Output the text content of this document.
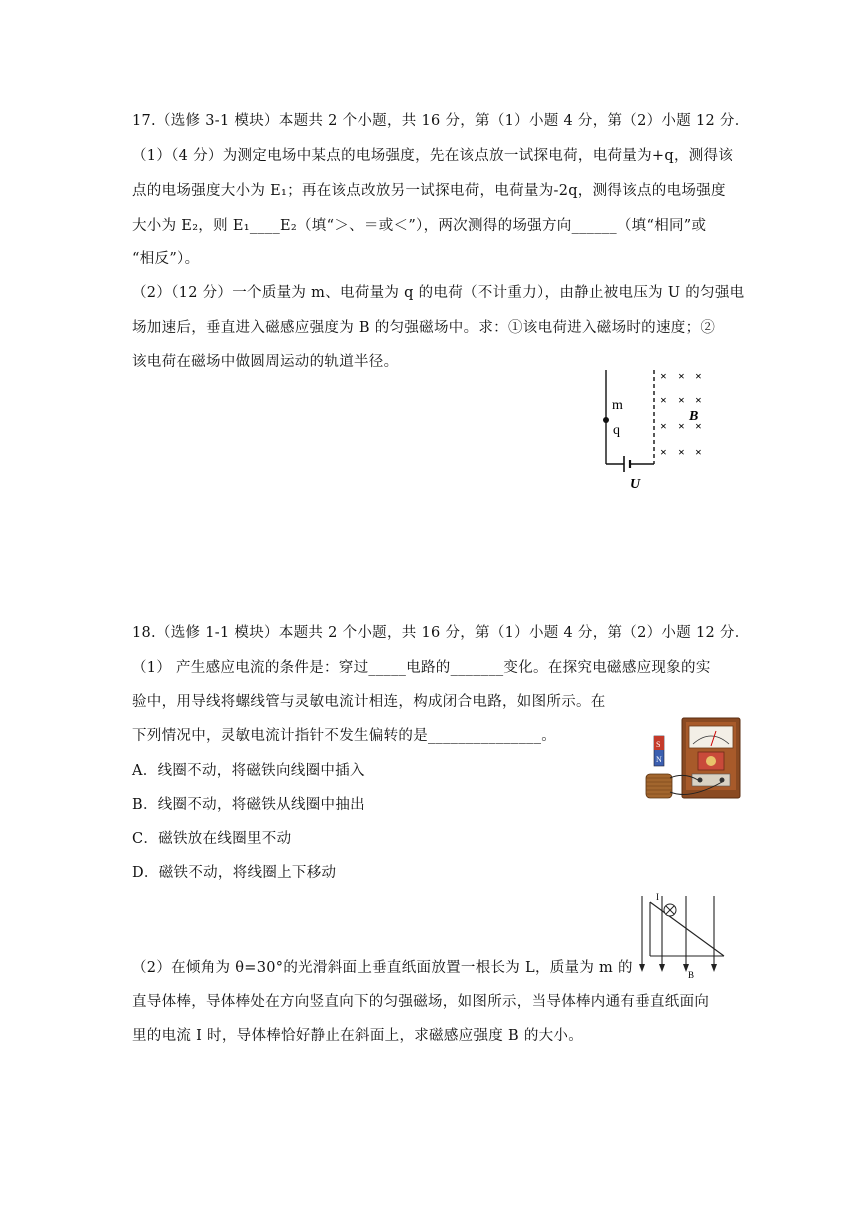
17.（选修 3-1 模块）本题共 2 个小题，共 16 分，第（1）小题 4 分，第（2）小题 12 分．
（1）（4 分）为测定电场中某点的电场强度，先在该点放一试探电荷，电荷量为+q，测得该
点的电场强度大小为 E₁；再在该点改放另一试探电荷，电荷量为-2q，测得该点的电场强度
大小为 E₂，则 E₁____E₂（填“＞、＝或＜”），两次测得的场强方向______（填“相同”或
“相反”）。
（2）（12 分）一个质量为 m、电荷量为 q 的电荷（不计重力），由静止被电压为 U 的匀强电
场加速后，垂直进入磁感应强度为 B 的匀强磁场中。求：①该电荷进入磁场时的速度；②
该电荷在磁场中做圆周运动的轨道半径。
m
q
B
U
× × ×
× × ×
× × ×
× × ×
18.（选修 1-1 模块）本题共 2 个小题，共 16 分，第（1）小题 4 分，第（2）小题 12 分．
（1） 产生感应电流的条件是：穿过_____电路的_______变化。在探究电磁感应现象的实
验中，用导线将螺线管与灵敏电流计相连，构成闭合电路，如图所示。在
下列情况中，灵敏电流计指针不发生偏转的是_______________。
A．线圈不动，将磁铁向线圈中插入
B．线圈不动，将磁铁从线圈中抽出
C．磁铁放在线圈里不动
D．磁铁不动，将线圈上下移动
（2）在倾角为 θ=30°的光滑斜面上垂直纸面放置一根长为 L，质量为 m 的
直导体棒，导体棒处在方向竖直向下的匀强磁场，如图所示，当导体棒内通有垂直纸面向
里的电流 I 时，导体棒恰好静止在斜面上，求磁感应强度 B 的大小。
S
N
I
B
